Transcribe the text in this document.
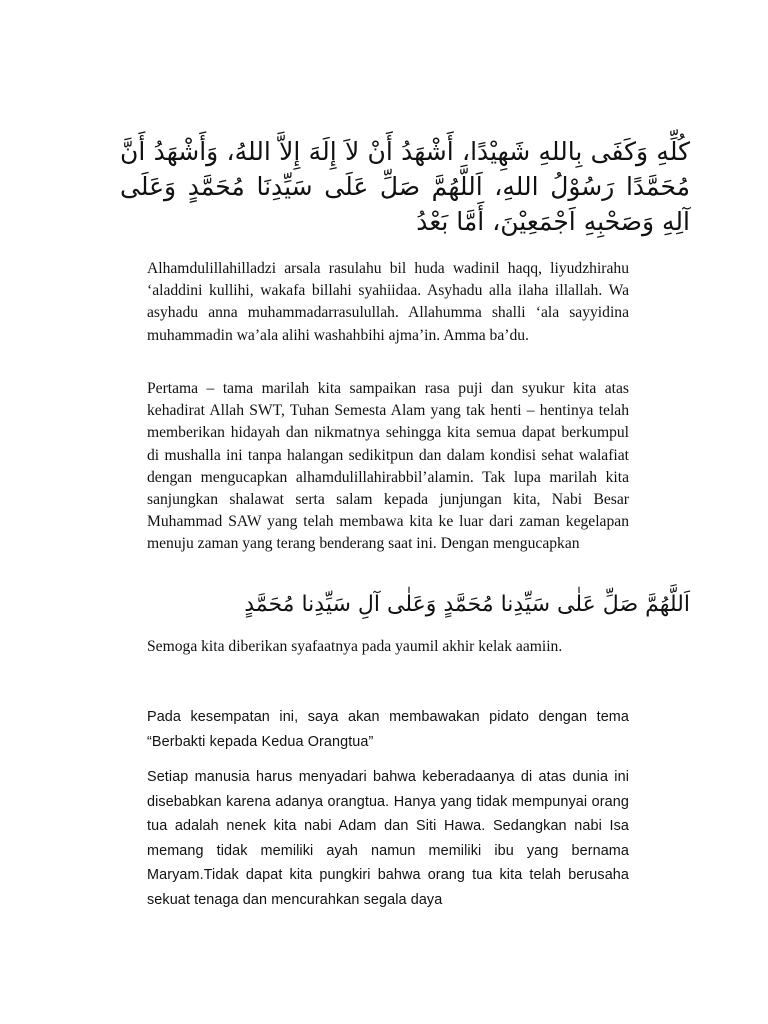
كُلِّهِ وَكَفَى بِاللهِ شَهِيْدًا، أَشْهَدُ أَنْ لاَ إِلَهَ إِلاَّ اللهُ، وَأَشْهَدُ أَنَّ مُحَمَّدًا رَسُوْلُ اللهِ، اَللَّهُمَّ صَلِّ عَلَى سَيِّدِنَا مُحَمَّدٍ وَعَلَى آلِهِ وَصَحْبِهِ اَجْمَعِيْنَ، أَمَّا بَعْدُ

Alhamdulillahilladzi arsala rasulahu bil huda wadinil haqq, liyudzhirahu ‘aladdini kullihi, wakafa billahi syahiidaa. Asyhadu alla ilaha illallah. Wa asyhadu anna muhammadarrasulullah. Allahumma shalli ‘ala sayyidina muhammadin wa’ala alihi washahbihi ajma’in. Amma ba’du.

Pertama – tama marilah kita sampaikan rasa puji dan syukur kita atas kehadirat Allah SWT, Tuhan Semesta Alam yang tak henti – hentinya telah memberikan hidayah dan nikmatnya sehingga kita semua dapat berkumpul di mushalla ini tanpa halangan sedikitpun dan dalam kondisi sehat walafiat dengan mengucapkan alhamdulillahirabbil’alamin. Tak lupa marilah kita sanjungkan shalawat serta salam kepada junjungan kita, Nabi Besar Muhammad SAW yang telah membawa kita ke luar dari zaman kegelapan menuju zaman yang terang benderang saat ini. Dengan mengucapkan

اَللَّهُمَّ صَلِّ عَلٰى سَيِّدِنا مُحَمَّدٍ وَعَلٰى آلِ سَيِّدِنا مُحَمَّدٍ

Semoga kita diberikan syafaatnya pada yaumil akhir kelak aamiin.

Pada kesempatan ini, saya akan membawakan pidato dengan tema “Berbakti kepada Kedua Orangtua”

Setiap manusia harus menyadari bahwa keberadaanya di atas dunia ini disebabkan karena adanya orangtua. Hanya yang tidak mempunyai orang tua adalah nenek kita nabi Adam dan Siti Hawa. Sedangkan nabi Isa memang tidak memiliki ayah namun memiliki ibu yang bernama Maryam.Tidak dapat kita pungkiri bahwa orang tua kita telah berusaha sekuat tenaga dan mencurahkan segala daya
